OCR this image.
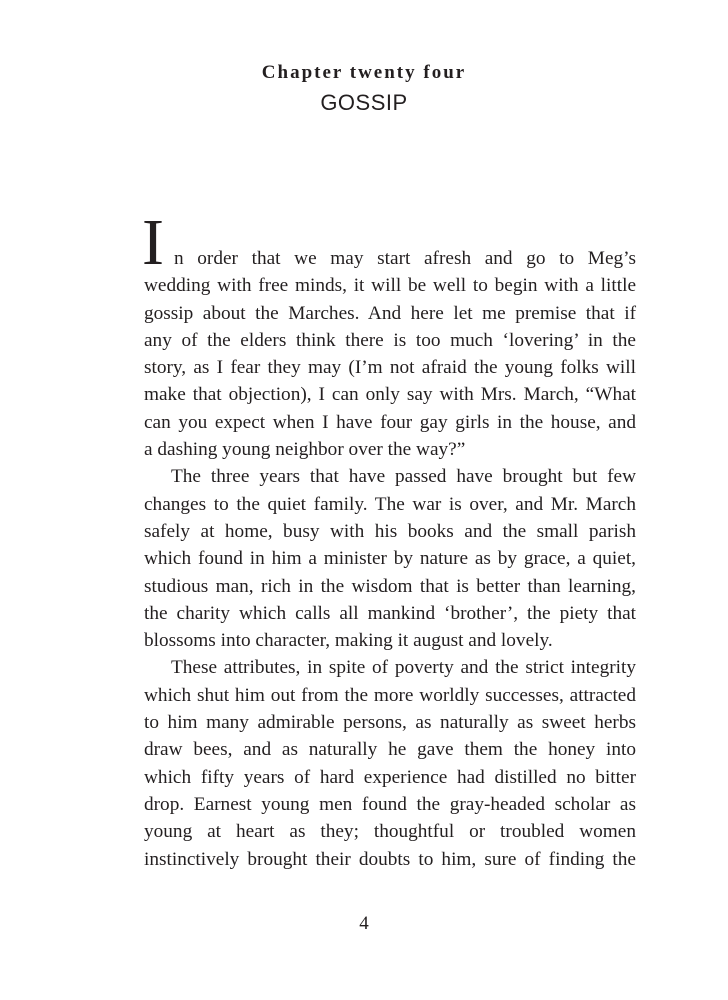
Chapter twenty four
GOSSIP
I n order that we may start afresh and go to Meg’s
wedding with free minds, it will be well to begin with a little
gossip about the Marches. And here let me premise that if
any of the elders think there is too much ‘lovering’ in the
story, as I fear they may (I’m not afraid the young folks will
make that objection), I can only say with Mrs. March, “What
can you expect when I have four gay girls in the house, and
a dashing young neighbor over the way?”
The three years that have passed have brought but few
changes to the quiet family. The war is over, and Mr. March
safely at home, busy with his books and the small parish
which found in him a minister by nature as by grace, a quiet,
studious man, rich in the wisdom that is better than learning,
the charity which calls all mankind ‘brother’, the piety that
blossoms into character, making it august and lovely.
These attributes, in spite of poverty and the strict integrity
which shut him out from the more worldly successes, attracted
to him many admirable persons, as naturally as sweet herbs
draw bees, and as naturally he gave them the honey into
which fifty years of hard experience had distilled no bitter
drop. Earnest young men found the gray-headed scholar as
young at heart as they; thoughtful or troubled women
instinctively brought their doubts to him, sure of finding the
4
